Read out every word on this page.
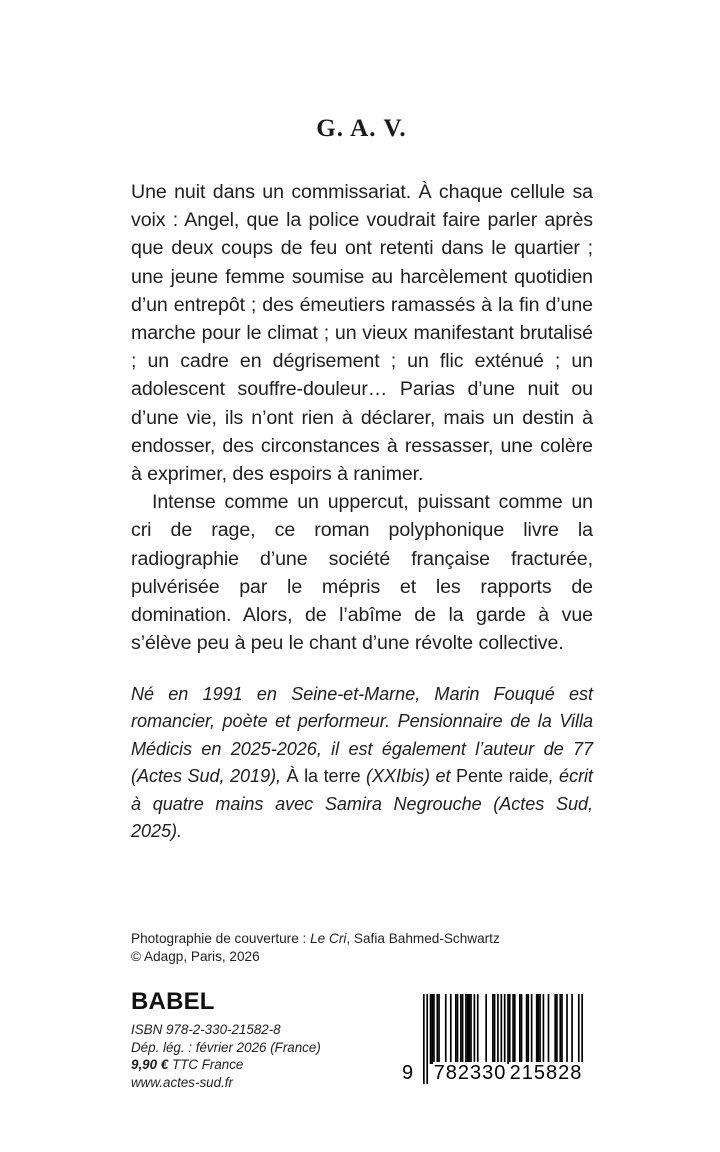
G. A. V.

Une nuit dans un commissariat. À chaque cellule sa voix : Angel, que la police voudrait faire parler après que deux coups de feu ont retenti dans le quartier ; une jeune femme soumise au harcèlement quotidien d’un entrepôt ; des émeutiers ramassés à la fin d’une marche pour le climat ; un vieux manifestant brutalisé ; un cadre en dégrisement ; un flic exténué ; un adolescent souffre-douleur… Parias d’une nuit ou d’une vie, ils n’ont rien à déclarer, mais un destin à endosser, des circonstances à ressasser, une colère à exprimer, des espoirs à ranimer.

Intense comme un uppercut, puissant comme un cri de rage, ce roman polyphonique livre la radiographie d’une société française fracturée, pulvérisée par le mépris et les rapports de domination. Alors, de l’abîme de la garde à vue s’élève peu à peu le chant d’une révolte collective.

Né en 1991 en Seine-et-Marne, Marin Fouqué est romancier, poète et performeur. Pensionnaire de la Villa Médicis en 2025-2026, il est également l’auteur de 77 (Actes Sud, 2019), À la terre (XXIbis) et Pente raide, écrit à quatre mains avec Samira Negrouche (Actes Sud, 2025).
Photographie de couverture : Le Cri, Safia Bahmed-Schwartz
© Adagp, Paris, 2026
BABEL
ISBN 978-2-330-21582-8
Dép. lég. : février 2026 (France)
9,90 € TTC France
www.actes-sud.fr	9 782330 215828
